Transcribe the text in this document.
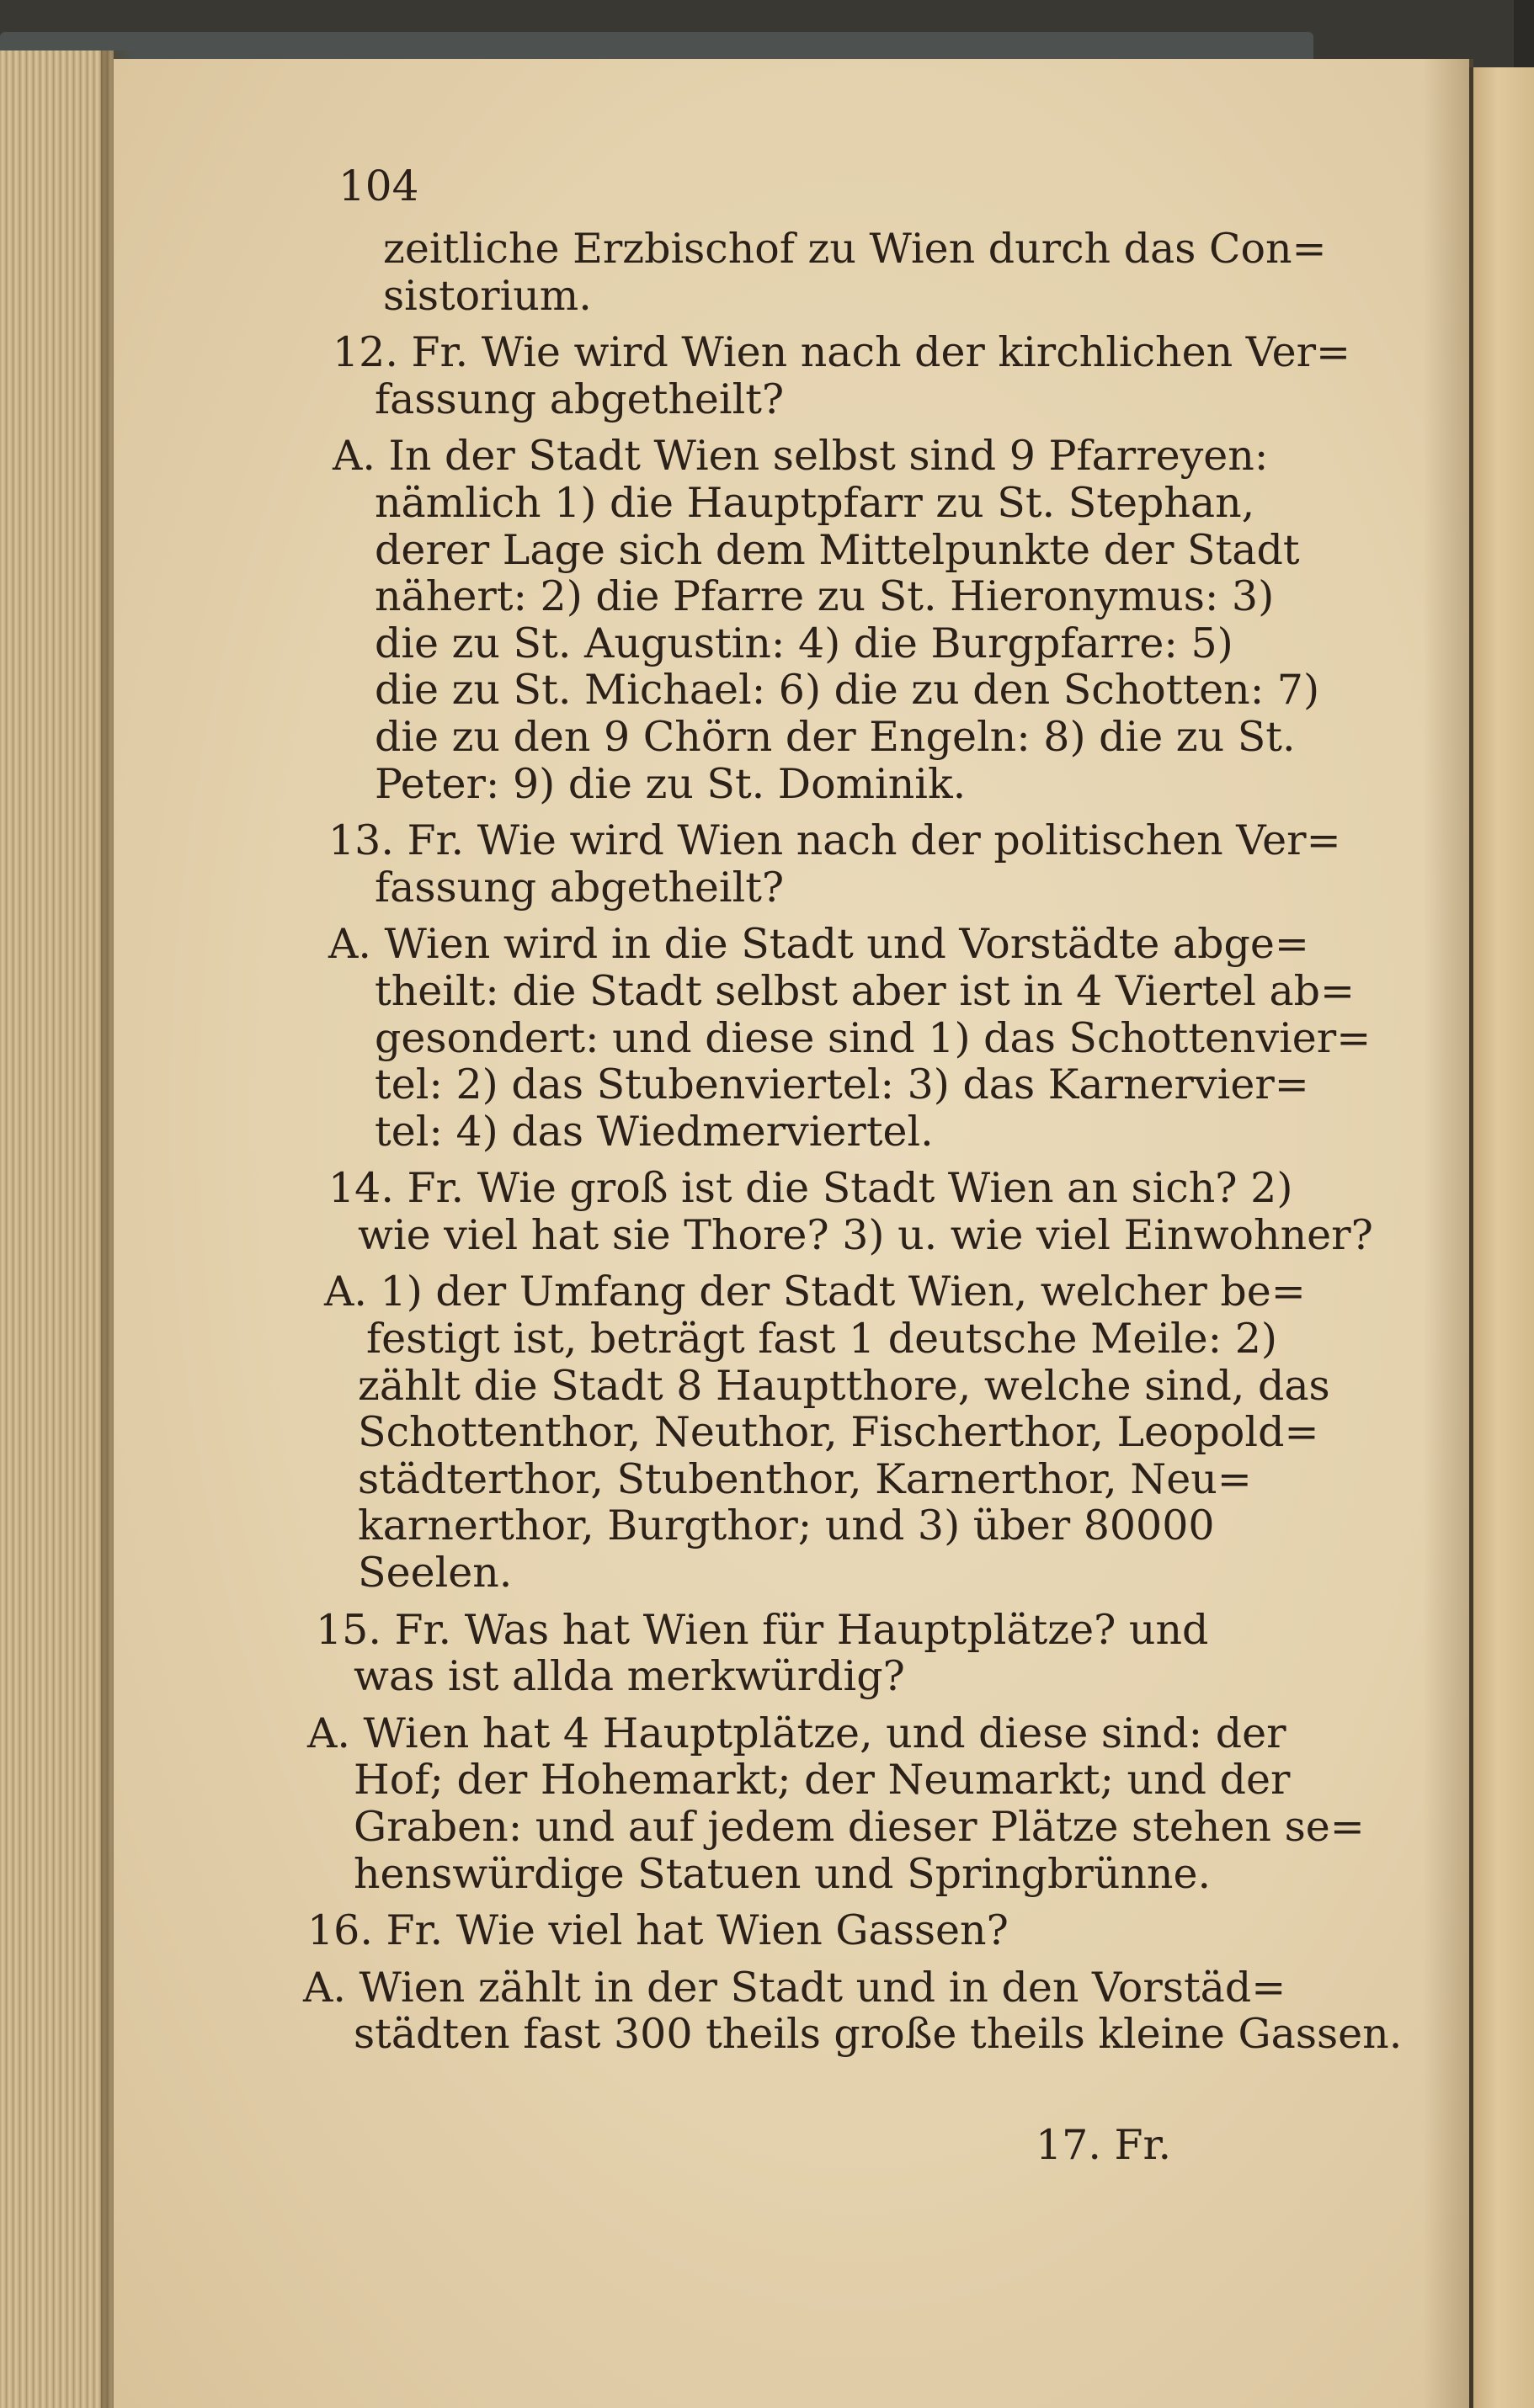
104
zeitliche Erzbischof zu Wien durch das Con=
sistorium.
12. Fr. Wie wird Wien nach der kirchlichen Ver=
fassung abgetheilt?
A. In der Stadt Wien selbst sind 9 Pfarreyen:
nämlich 1) die Hauptpfarr zu St. Stephan,
derer Lage sich dem Mittelpunkte der Stadt
nähert: 2) die Pfarre zu St. Hieronymus: 3)
die zu St. Augustin: 4) die Burgpfarre: 5)
die zu St. Michael: 6) die zu den Schotten: 7)
die zu den 9 Chörn der Engeln: 8) die zu St.
Peter: 9) die zu St. Dominik.
13. Fr. Wie wird Wien nach der politischen Ver=
fassung abgetheilt?
A. Wien wird in die Stadt und Vorstädte abge=
theilt: die Stadt selbst aber ist in 4 Viertel ab=
gesondert: und diese sind 1) das Schottenvier=
tel: 2) das Stubenviertel: 3) das Karnervier=
tel: 4) das Wiedmerviertel.
14. Fr. Wie groß ist die Stadt Wien an sich? 2)
wie viel hat sie Thore? 3) u. wie viel Einwohner?
A. 1) der Umfang der Stadt Wien, welcher be=
festigt ist, beträgt fast 1 deutsche Meile: 2)
zählt die Stadt 8 Hauptthore, welche sind, das
Schottenthor, Neuthor, Fischerthor, Leopold=
städterthor, Stubenthor, Karnerthor, Neu=
karnerthor, Burgthor; und 3) über 80000
Seelen.
15. Fr. Was hat Wien für Hauptplätze? und
was ist allda merkwürdig?
A. Wien hat 4 Hauptplätze, und diese sind: der
Hof; der Hohemarkt; der Neumarkt; und der
Graben: und auf jedem dieser Plätze stehen se=
henswürdige Statuen und Springbrünne.
16. Fr. Wie viel hat Wien Gassen?
A. Wien zählt in der Stadt und in den Vorstäd=
städten fast 300 theils große theils kleine Gassen.
17. Fr.
